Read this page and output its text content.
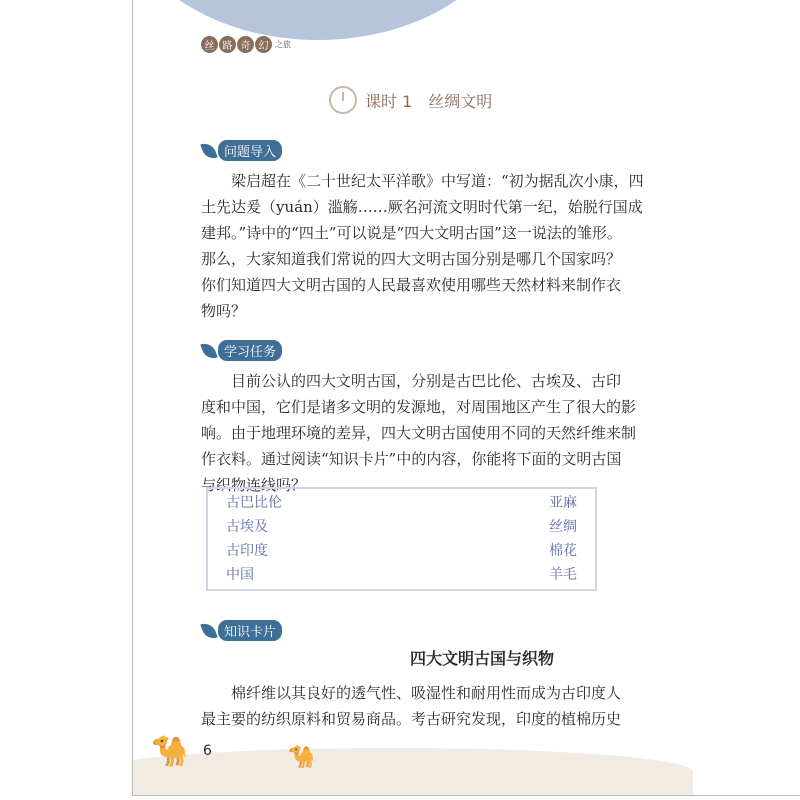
丝 路 奇 幻 之旅
课时 1　丝绸文明
问题导入
梁启超在《二十世纪太平洋歌》中写道：“初为据乱次小康，四
土先达爰（yuán）滥觞……厥名河流文明时代第一纪，始脱行国成
建邦。”诗中的“四土”可以说是“四大文明古国”这一说法的雏形。
那么，大家知道我们常说的四大文明古国分别是哪几个国家吗？
你们知道四大文明古国的人民最喜欢使用哪些天然材料来制作衣
物吗？
学习任务
目前公认的四大文明古国，分别是古巴比伦、古埃及、古印
度和中国，它们是诸多文明的发源地，对周围地区产生了很大的影
响。由于地理环境的差异，四大文明古国使用不同的天然纤维来制
作衣料。通过阅读“知识卡片”中的内容，你能将下面的文明古国
与织物连线吗？
古巴比伦	亚麻
古埃及	丝绸
古印度	棉花
中国	羊毛
知识卡片
四大文明古国与织物
🐪	🐪
棉纤维以其良好的透气性、吸湿性和耐用性而成为古印度人
最主要的纺织原料和贸易商品。考古研究发现，印度的植棉历史
6
